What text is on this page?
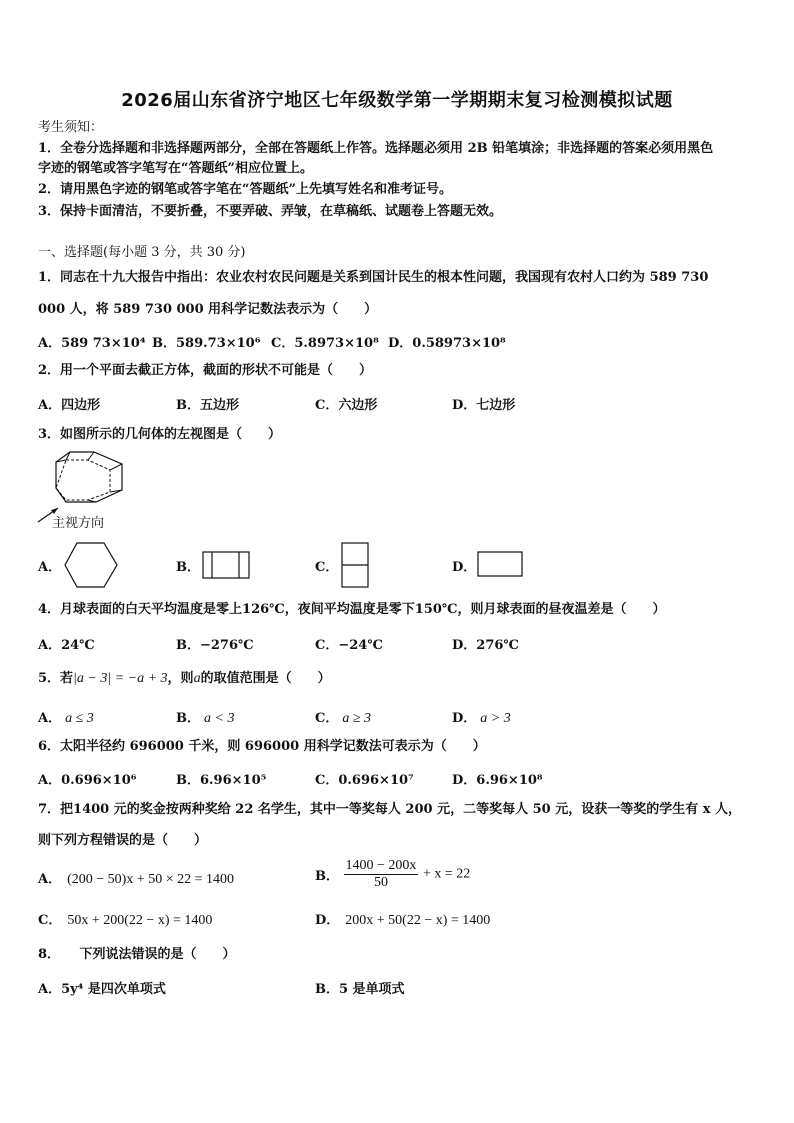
2026届山东省济宁地区七年级数学第一学期期末复习检测模拟试题
考生须知：
1．全卷分选择题和非选择题两部分，全部在答题纸上作答。选择题必须用 2B 铅笔填涂；非选择题的答案必须用黑色
字迹的钢笔或答字笔写在“答题纸”相应位置上。
2．请用黑色字迹的钢笔或答字笔在“答题纸”上先填写姓名和准考证号。
3．保持卡面清洁，不要折叠，不要弄破、弄皱，在草稿纸、试题卷上答题无效。
一、选择题(每小题 3 分，共 30 分)
1．同志在十九大报告中指出：农业农村农民问题是关系到国计民生的根本性问题，我国现有农村人口约为 589 730
000 人，将 589 730 000 用科学记数法表示为（　　）
A．589 73×10⁴ B．589.73×10⁶ C．5.8973×10⁸ D．0.58973×10⁸
2．用一个平面去截正方体，截面的形状不可能是（　　）
A．四边形	B．五边形	C．六边形	D．七边形
3．如图所示的几何体的左视图是（　　）
主视方向
A．	B．	C．	D．
4．月球表面的白天平均温度是零上126℃，夜间平均温度是零下150℃，则月球表面的昼夜温差是（　　）
A．24℃	B．−276℃	C．−24℃	D．276℃
5．若|a − 3| = −a + 3，则a的取值范围是（　　）
A． a ≤ 3	B． a < 3	C． a ≥ 3	D． a > 3
6．太阳半径约 696000 千米，则 696000 用科学记数法可表示为（　　）
A．0.696×10⁶	B．6.96×10⁵	C．0.696×10⁷	D．6.96×10⁸
7．把1400 元的奖金按两种奖给 22 名学生，其中一等奖每人 200 元，二等奖每人 50 元，设获一等奖的学生有 x 人，
则下列方程错误的是（　　）
A． (200 − 50)x + 50 × 22 = 1400	B． $\frac{1400 - 200x}{50} + x = 22$
C． 50x + 200(22 − x) = 1400	D． 200x + 50(22 − x) = 1400
8．　　下列说法错误的是（　　）
A．5y⁴ 是四次单项式	B．5 是单项式
